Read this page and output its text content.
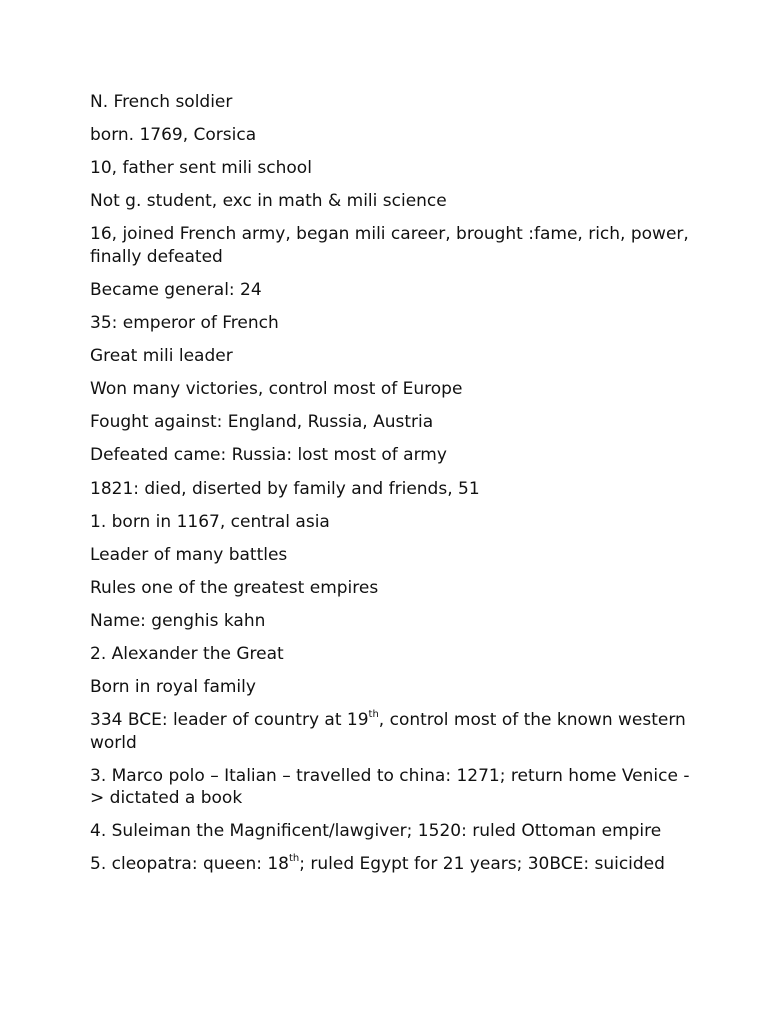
N. French soldier

born. 1769, Corsica

10, father sent mili school

Not g. student, exc in math & mili science

16, joined French army, began mili career, brought :fame, rich, power, finally defeated

Became general: 24

35: emperor of French

Great mili leader

Won many victories, control most of Europe

Fought against: England, Russia, Austria

Defeated came: Russia: lost most of army

1821: died, diserted by family and friends, 51

1. born in 1167, central asia

Leader of many battles

Rules one of the greatest empires

Name: genghis kahn

2. Alexander the Great

Born in royal family

334 BCE: leader of country at 19th, control most of the known western world

3. Marco polo – Italian – travelled to china: 1271; return home Venice -> dictated a book

4. Suleiman the Magnificent/lawgiver; 1520: ruled Ottoman empire

5. cleopatra: queen: 18th; ruled Egypt for 21 years; 30BCE: suicided
